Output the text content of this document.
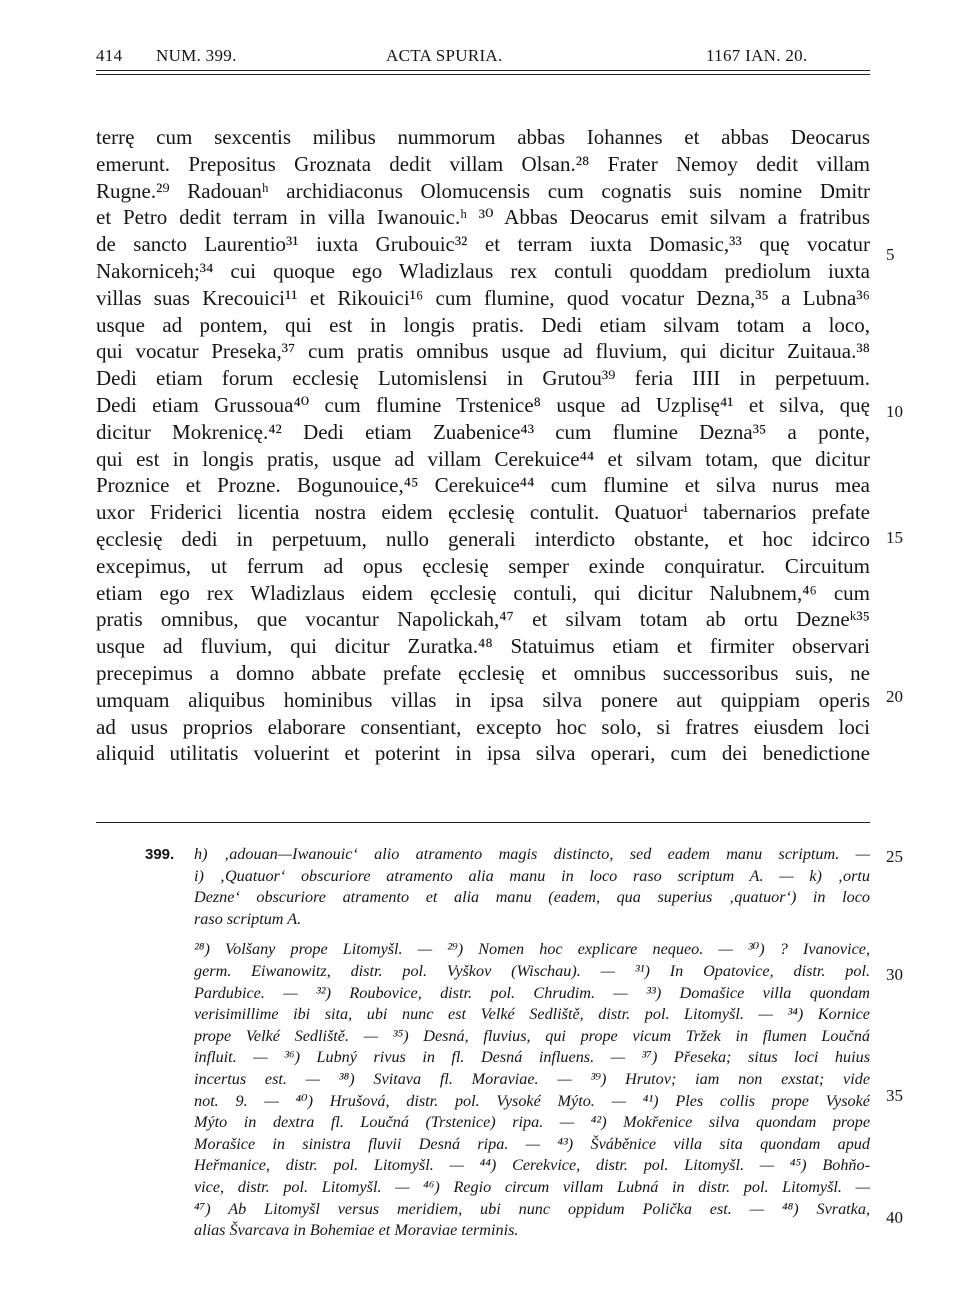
414 NUM. 399.	ACTA SPURIA.	1167 IAN. 20.
terrę cum sexcentis milibus nummorum abbas Iohannes et abbas Deocarus
emerunt. Prepositus Groznata dedit villam Olsan.²⁸ Frater Nemoy dedit villam
Rugne.²⁹ Radouanʰ archidiaconus Olomucensis cum cognatis suis nomine Dmitr
et Petro dedit terram in villa Iwanouic.ʰ ³⁰ Abbas Deocarus emit silvam a fratribus
de sancto Laurentio³¹ iuxta Grubouic³² et terram iuxta Domasic,³³ quę vocatur
Nakorniceh;³⁴ cui quoque ego Wladizlaus rex contuli quoddam prediolum iuxta
villas suas Krecouici¹¹ et Rikouici¹⁶ cum flumine, quod vocatur Dezna,³⁵ a Lubna³⁶
usque ad pontem, qui est in longis pratis. Dedi etiam silvam totam a loco,
qui vocatur Preseka,³⁷ cum pratis omnibus usque ad fluvium, qui dicitur Zuitaua.³⁸
Dedi etiam forum ecclesię Lutomislensi in Grutou³⁹ feria IIII in perpetuum.
Dedi etiam Grussoua⁴⁰ cum flumine Trstenice⁸ usque ad Uzplisę⁴¹ et silva, quę
dicitur Mokrenicę.⁴² Dedi etiam Zuabenice⁴³ cum flumine Dezna³⁵ a ponte,
qui est in longis pratis, usque ad villam Cerekuice⁴⁴ et silvam totam, que dicitur
Proznice et Prozne. Bogunouice,⁴⁵ Cerekuice⁴⁴ cum flumine et silva nurus mea
uxor Friderici licentia nostra eidem ęcclesię contulit. Quatuorⁱ tabernarios prefate
ęcclesię dedi in perpetuum, nullo generali interdicto obstante, et hoc idcirco
excepimus, ut ferrum ad opus ęcclesię semper exinde conquiratur. Circuitum
etiam ego rex Wladizlaus eidem ęcclesię contuli, qui dicitur Nalubnem,⁴⁶ cum
pratis omnibus, que vocantur Napolickah,⁴⁷ et silvam totam ab ortu Dezneᵏ³⁵
usque ad fluvium, qui dicitur Zuratka.⁴⁸ Statuimus etiam et firmiter observari
precepimus a domno abbate prefate ęcclesię et omnibus successoribus suis, ne
umquam aliquibus hominibus villas in ipsa silva ponere aut quippiam operis
ad usus proprios elaborare consentiant, excepto hoc solo, si fratres eiusdem loci
aliquid utilitatis voluerint et poterint in ipsa silva operari, cum dei benedictione
5
10
15
20
399. h) ‚adouan—Iwanouic‘ alio atramento magis distincto, sed eadem manu scriptum. —
i) ‚Quatuor‘ obscuriore atramento alia manu in loco raso scriptum A. — k) ‚ortu
Dezne‘ obscuriore atramento et alia manu (eadem, qua superius ‚quatuor‘) in loco
raso scriptum A.
²⁸) Volšany prope Litomyšl. — ²⁹) Nomen hoc explicare nequeo. — ³⁰) ? Ivanovice,
germ. Eiwanowitz, distr. pol. Vyškov (Wischau). — ³¹) In Opatovice, distr. pol.
Pardubice. — ³²) Roubovice, distr. pol. Chrudim. — ³³) Domašice villa quondam
verisimillime ibi sita, ubi nunc est Velké Sedliště, distr. pol. Litomyšl. — ³⁴) Kornice
prope Velké Sedliště. — ³⁵) Desná, fluvius, qui prope vicum Tržek in flumen Loučná
influit. — ³⁶) Lubný rivus in fl. Desná influens. — ³⁷) Přeseka; situs loci huius
incertus est. — ³⁸) Svitava fl. Moraviae. — ³⁹) Hrutov; iam non exstat; vide
not. 9. — ⁴⁰) Hrušová, distr. pol. Vysoké Mýto. — ⁴¹) Ples collis prope Vysoké
Mýto in dextra fl. Loučná (Trstenice) ripa. — ⁴²) Mokřenice silva quondam prope
Morašice in sinistra fluvii Desná ripa. — ⁴³) Šváběnice villa sita quondam apud
Heřmanice, distr. pol. Litomyšl. — ⁴⁴) Cerekvice, distr. pol. Litomyšl. — ⁴⁵) Bohňo-
vice, distr. pol. Litomyšl. — ⁴⁶) Regio circum villam Lubná in distr. pol. Litomyšl. —
⁴⁷) Ab Litomyšl versus meridiem, ubi nunc oppidum Polička est. — ⁴⁸) Svratka,
alias Švarcava in Bohemiae et Moraviae terminis.
25
30
35
40
